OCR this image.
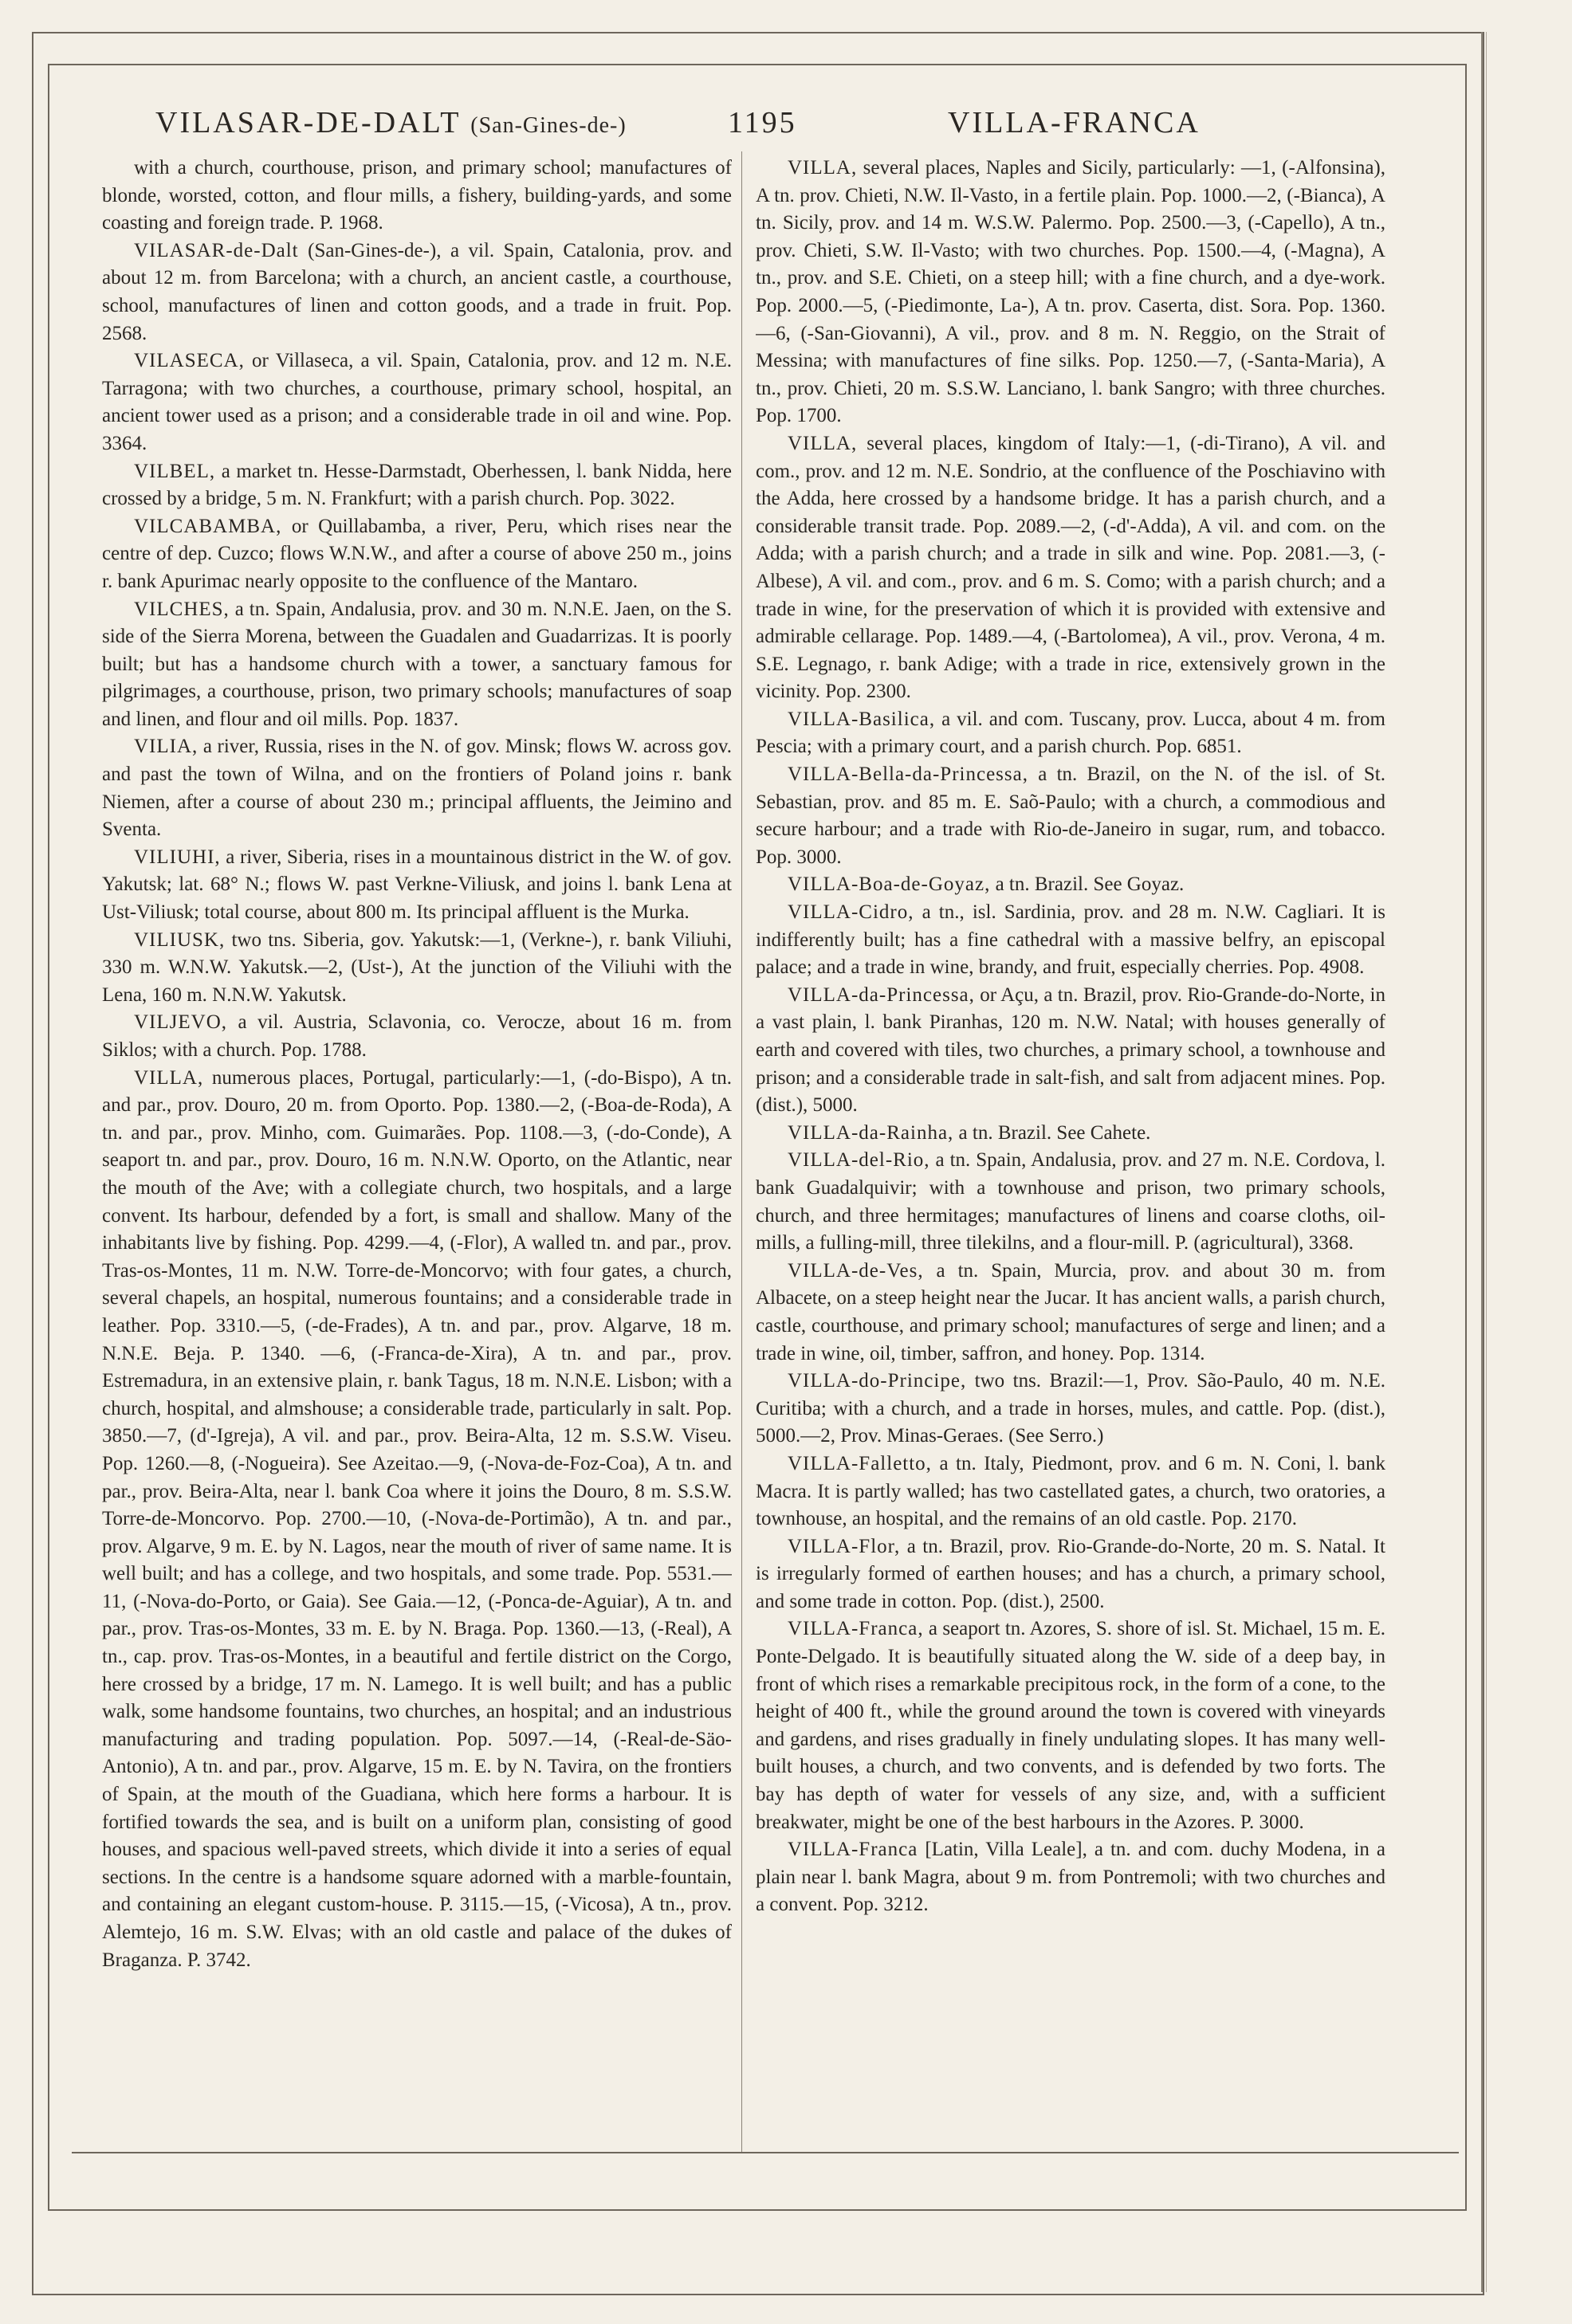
VILASAR-DE-DALT (San-Gines-de-)	1195	VILLA-FRANCA

with a church, courthouse, prison, and primary school; manufactures of blonde, worsted, cotton, and flour mills, a fishery, building-yards, and some coasting and foreign trade. P. 1968.

VILASAR-de-Dalt (San-Gines-de-), a vil. Spain, Catalonia, prov. and about 12 m. from Barcelona; with a church, an ancient castle, a courthouse, school, manufactures of linen and cotton goods, and a trade in fruit. Pop. 2568.

VILASECA, or Villaseca, a vil. Spain, Catalonia, prov. and 12 m. N.E. Tarragona; with two churches, a courthouse, primary school, hospital, an ancient tower used as a prison; and a considerable trade in oil and wine. Pop. 3364.

VILBEL, a market tn. Hesse-Darmstadt, Oberhessen, l. bank Nidda, here crossed by a bridge, 5 m. N. Frankfurt; with a parish church. Pop. 3022.

VILCABAMBA, or Quillabamba, a river, Peru, which rises near the centre of dep. Cuzco; flows W.N.W., and after a course of above 250 m., joins r. bank Apurimac nearly opposite to the confluence of the Mantaro.

VILCHES, a tn. Spain, Andalusia, prov. and 30 m. N.N.E. Jaen, on the S. side of the Sierra Morena, between the Guadalen and Guadarrizas. It is poorly built; but has a handsome church with a tower, a sanctuary famous for pilgrimages, a courthouse, prison, two primary schools; manufactures of soap and linen, and flour and oil mills. Pop. 1837.

VILIA, a river, Russia, rises in the N. of gov. Minsk; flows W. across gov. and past the town of Wilna, and on the frontiers of Poland joins r. bank Niemen, after a course of about 230 m.; principal affluents, the Jeimino and Sventa.

VILIUHI, a river, Siberia, rises in a mountainous district in the W. of gov. Yakutsk; lat. 68° N.; flows W. past Verkne-Viliusk, and joins l. bank Lena at Ust-Viliusk; total course, about 800 m. Its principal affluent is the Murka.

VILIUSK, two tns. Siberia, gov. Yakutsk:—1, (Verkne-), r. bank Viliuhi, 330 m. W.N.W. Yakutsk.—2, (Ust-), At the junction of the Viliuhi with the Lena, 160 m. N.N.W. Yakutsk.

VILJEVO, a vil. Austria, Sclavonia, co. Verocze, about 16 m. from Siklos; with a church. Pop. 1788.

VILLA, numerous places, Portugal, particularly:—1, (-do-Bispo), A tn. and par., prov. Douro, 20 m. from Oporto. Pop. 1380.—2, (-Boa-de-Roda), A tn. and par., prov. Minho, com. Guimarães. Pop. 1108.—3, (-do-Conde), A seaport tn. and par., prov. Douro, 16 m. N.N.W. Oporto, on the Atlantic, near the mouth of the Ave; with a collegiate church, two hospitals, and a large convent. Its harbour, defended by a fort, is small and shallow. Many of the inhabitants live by fishing. Pop. 4299.—4, (-Flor), A walled tn. and par., prov. Tras-os-Montes, 11 m. N.W. Torre-de-Moncorvo; with four gates, a church, several chapels, an hospital, numerous fountains; and a considerable trade in leather. Pop. 3310.—5, (-de-Frades), A tn. and par., prov. Algarve, 18 m. N.N.E. Beja. P. 1340. —6, (-Franca-de-Xira), A tn. and par., prov. Estremadura, in an extensive plain, r. bank Tagus, 18 m. N.N.E. Lisbon; with a church, hospital, and almshouse; a considerable trade, particularly in salt. Pop. 3850.—7, (d'-Igreja), A vil. and par., prov. Beira-Alta, 12 m. S.S.W. Viseu. Pop. 1260.—8, (-Nogueira). See Azeitao.—9, (-Nova-de-Foz-Coa), A tn. and par., prov. Beira-Alta, near l. bank Coa where it joins the Douro, 8 m. S.S.W. Torre-de-Moncorvo. Pop. 2700.—10, (-Nova-de-Portimão), A tn. and par., prov. Algarve, 9 m. E. by N. Lagos, near the mouth of river of same name. It is well built; and has a college, and two hospitals, and some trade. Pop. 5531.—11, (-Nova-do-Porto, or Gaia). See Gaia.—12, (-Ponca-de-Aguiar), A tn. and par., prov. Tras-os-Montes, 33 m. E. by N. Braga. Pop. 1360.—13, (-Real), A tn., cap. prov. Tras-os-Montes, in a beautiful and fertile district on the Corgo, here crossed by a bridge, 17 m. N. Lamego. It is well built; and has a public walk, some handsome fountains, two churches, an hospital; and an industrious manufacturing and trading population. Pop. 5097.—14, (-Real-de-Säo-Antonio), A tn. and par., prov. Algarve, 15 m. E. by N. Tavira, on the frontiers of Spain, at the mouth of the Guadiana, which here forms a harbour. It is fortified towards the sea, and is built on a uniform plan, consisting of good houses, and spacious well-paved streets, which divide it into a series of equal sections. In the centre is a handsome square adorned with a marble-fountain, and containing an elegant custom-house. P. 3115.—15, (-Vicosa), A tn., prov. Alemtejo, 16 m. S.W. Elvas; with an old castle and palace of the dukes of Braganza. P. 3742.

VILLA, several places, Naples and Sicily, particularly: —1, (-Alfonsina), A tn. prov. Chieti, N.W. Il-Vasto, in a fertile plain. Pop. 1000.—2, (-Bianca), A tn. Sicily, prov. and 14 m. W.S.W. Palermo. Pop. 2500.—3, (-Capello), A tn., prov. Chieti, S.W. Il-Vasto; with two churches. Pop. 1500.—4, (-Magna), A tn., prov. and S.E. Chieti, on a steep hill; with a fine church, and a dye-work. Pop. 2000.—5, (-Piedimonte, La-), A tn. prov. Caserta, dist. Sora. Pop. 1360.—6, (-San-Giovanni), A vil., prov. and 8 m. N. Reggio, on the Strait of Messina; with manufactures of fine silks. Pop. 1250.—7, (-Santa-Maria), A tn., prov. Chieti, 20 m. S.S.W. Lanciano, l. bank Sangro; with three churches. Pop. 1700.

VILLA, several places, kingdom of Italy:—1, (-di-Tirano), A vil. and com., prov. and 12 m. N.E. Sondrio, at the confluence of the Poschiavino with the Adda, here crossed by a handsome bridge. It has a parish church, and a considerable transit trade. Pop. 2089.—2, (-d'-Adda), A vil. and com. on the Adda; with a parish church; and a trade in silk and wine. Pop. 2081.—3, (-Albese), A vil. and com., prov. and 6 m. S. Como; with a parish church; and a trade in wine, for the preservation of which it is provided with extensive and admirable cellarage. Pop. 1489.—4, (-Bartolomea), A vil., prov. Verona, 4 m. S.E. Legnago, r. bank Adige; with a trade in rice, extensively grown in the vicinity. Pop. 2300.

VILLA-Basilica, a vil. and com. Tuscany, prov. Lucca, about 4 m. from Pescia; with a primary court, and a parish church. Pop. 6851.

VILLA-Bella-da-Princessa, a tn. Brazil, on the N. of the isl. of St. Sebastian, prov. and 85 m. E. Saõ-Paulo; with a church, a commodious and secure harbour; and a trade with Rio-de-Janeiro in sugar, rum, and tobacco. Pop. 3000.

VILLA-Boa-de-Goyaz, a tn. Brazil. See Goyaz.

VILLA-Cidro, a tn., isl. Sardinia, prov. and 28 m. N.W. Cagliari. It is indifferently built; has a fine cathedral with a massive belfry, an episcopal palace; and a trade in wine, brandy, and fruit, especially cherries. Pop. 4908.

VILLA-da-Princessa, or Açu, a tn. Brazil, prov. Rio-Grande-do-Norte, in a vast plain, l. bank Piranhas, 120 m. N.W. Natal; with houses generally of earth and covered with tiles, two churches, a primary school, a townhouse and prison; and a considerable trade in salt-fish, and salt from adjacent mines. Pop. (dist.), 5000.

VILLA-da-Rainha, a tn. Brazil. See Cahete.

VILLA-del-Rio, a tn. Spain, Andalusia, prov. and 27 m. N.E. Cordova, l. bank Guadalquivir; with a townhouse and prison, two primary schools, church, and three hermitages; manufactures of linens and coarse cloths, oil-mills, a fulling-mill, three tilekilns, and a flour-mill. P. (agricultural), 3368.

VILLA-de-Ves, a tn. Spain, Murcia, prov. and about 30 m. from Albacete, on a steep height near the Jucar. It has ancient walls, a parish church, castle, courthouse, and primary school; manufactures of serge and linen; and a trade in wine, oil, timber, saffron, and honey. Pop. 1314.

VILLA-do-Principe, two tns. Brazil:—1, Prov. São-Paulo, 40 m. N.E. Curitiba; with a church, and a trade in horses, mules, and cattle. Pop. (dist.), 5000.—2, Prov. Minas-Geraes. (See Serro.)

VILLA-Falletto, a tn. Italy, Piedmont, prov. and 6 m. N. Coni, l. bank Macra. It is partly walled; has two castellated gates, a church, two oratories, a townhouse, an hospital, and the remains of an old castle. Pop. 2170.

VILLA-Flor, a tn. Brazil, prov. Rio-Grande-do-Norte, 20 m. S. Natal. It is irregularly formed of earthen houses; and has a church, a primary school, and some trade in cotton. Pop. (dist.), 2500.

VILLA-Franca, a seaport tn. Azores, S. shore of isl. St. Michael, 15 m. E. Ponte-Delgado. It is beautifully situated along the W. side of a deep bay, in front of which rises a remarkable precipitous rock, in the form of a cone, to the height of 400 ft., while the ground around the town is covered with vineyards and gardens, and rises gradually in finely undulating slopes. It has many well-built houses, a church, and two convents, and is defended by two forts. The bay has depth of water for vessels of any size, and, with a sufficient breakwater, might be one of the best harbours in the Azores. P. 3000.

VILLA-Franca [Latin, Villa Leale], a tn. and com. duchy Modena, in a plain near l. bank Magra, about 9 m. from Pontremoli; with two churches and a convent. Pop. 3212.
